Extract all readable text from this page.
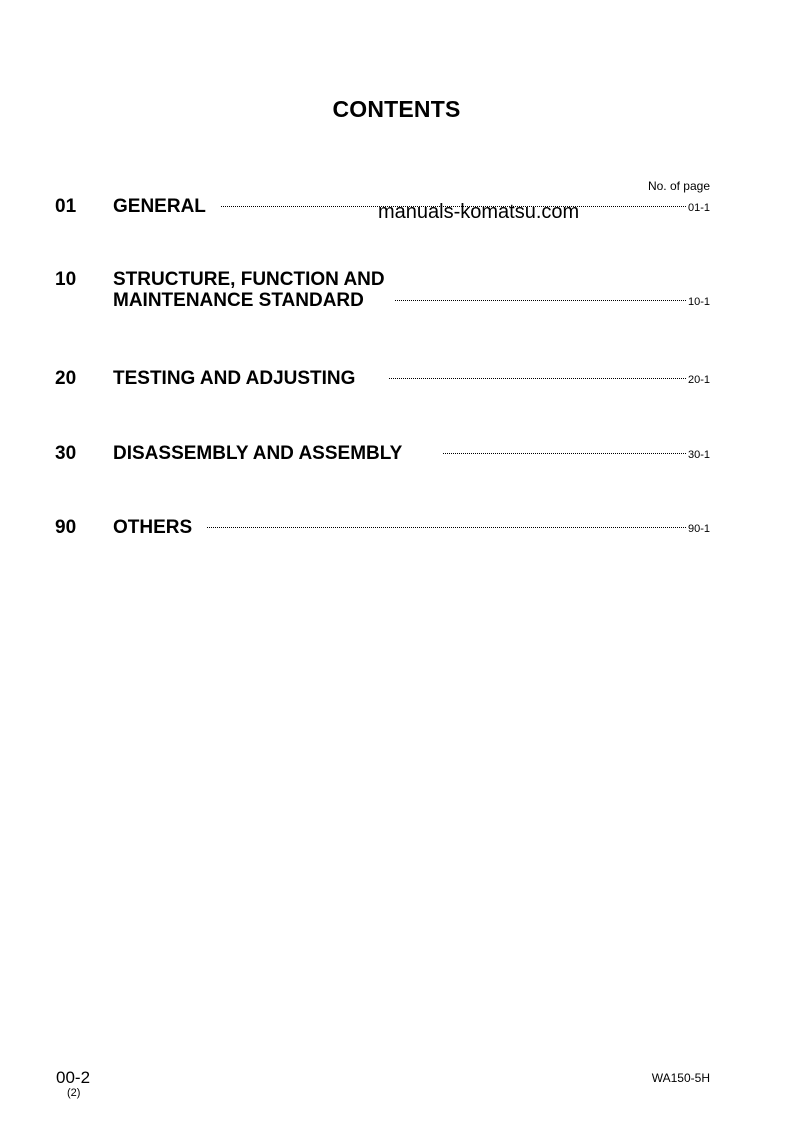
CONTENTS
No. of page
01 GENERAL	01-1
manuals-komatsu.com
10 STRUCTURE, FUNCTION AND
MAINTENANCE STANDARD	10-1
20 TESTING AND ADJUSTING	20-1
30 DISASSEMBLY AND ASSEMBLY	30-1
90 OTHERS	90-1
00-2
(2)
WA150-5H
